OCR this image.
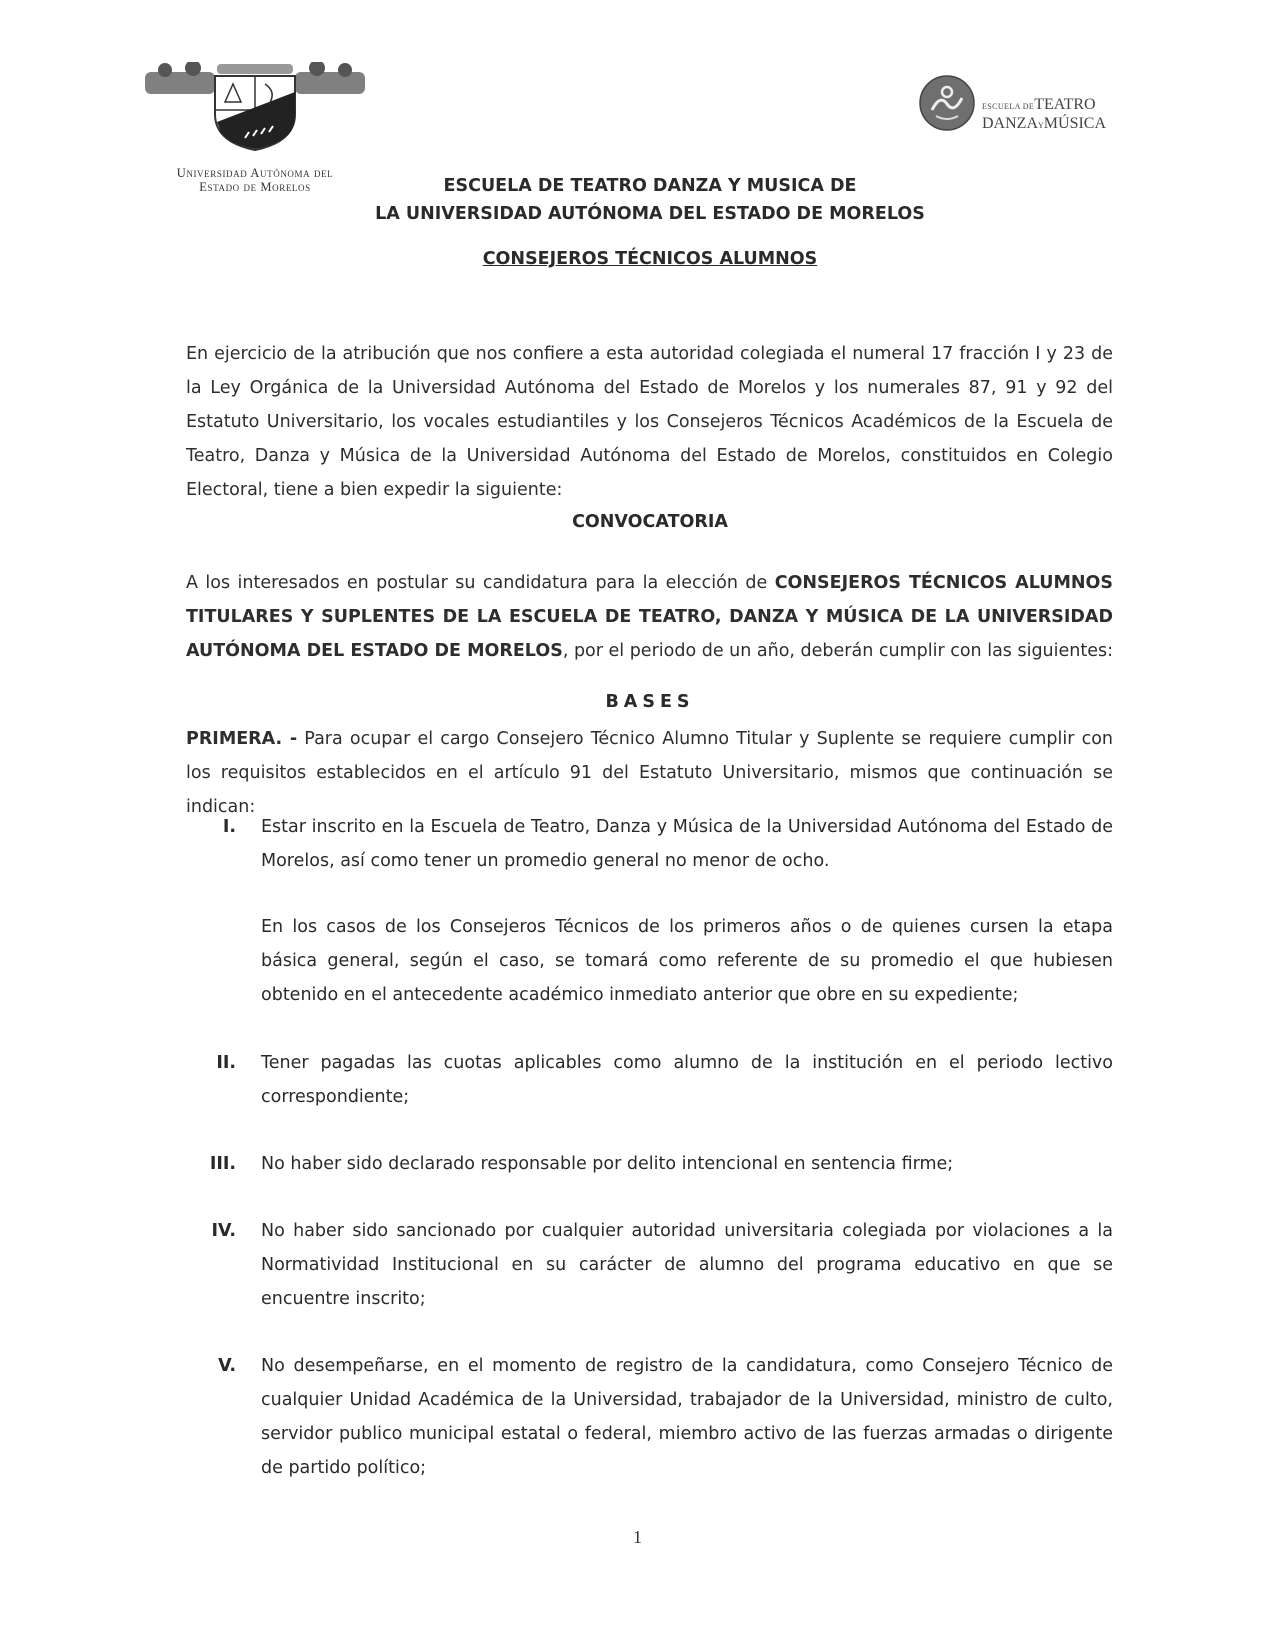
Universidad Autónoma del
Estado de Morelos
ESCUELA DETEATRO
DANZAYMÚSICA
ESCUELA DE TEATRO DANZA Y MUSICA DE
LA UNIVERSIDAD AUTÓNOMA DEL ESTADO DE MORELOS
CONSEJEROS TÉCNICOS ALUMNOS
En ejercicio de la atribución que nos confiere a esta autoridad colegiada el numeral 17 fracción I y 23 de la Ley Orgánica de la Universidad Autónoma del Estado de Morelos y los numerales 87, 91 y 92 del Estatuto Universitario, los vocales estudiantiles y los Consejeros Técnicos Académicos de la Escuela de Teatro, Danza y Música de la Universidad Autónoma del Estado de Morelos, constituidos en Colegio Electoral, tiene a bien expedir la siguiente:
CONVOCATORIA
A los interesados en postular su candidatura para la elección de CONSEJEROS TÉCNICOS ALUMNOS TITULARES Y SUPLENTES DE LA ESCUELA DE TEATRO, DANZA Y MÚSICA DE LA UNIVERSIDAD AUTÓNOMA DEL ESTADO DE MORELOS, por el periodo de un año, deberán cumplir con las siguientes:
BASES
PRIMERA. - Para ocupar el cargo Consejero Técnico Alumno Titular y Suplente se requiere cumplir con los requisitos establecidos en el artículo 91 del Estatuto Universitario, mismos que continuación se indican:
I. Estar inscrito en la Escuela de Teatro, Danza y Música de la Universidad Autónoma del Estado de Morelos, así como tener un promedio general no menor de ocho.
En los casos de los Consejeros Técnicos de los primeros años o de quienes cursen la etapa básica general, según el caso, se tomará como referente de su promedio el que hubiesen obtenido en el antecedente académico inmediato anterior que obre en su expediente;
II. Tener pagadas las cuotas aplicables como alumno de la institución en el periodo lectivo correspondiente;
III. No haber sido declarado responsable por delito intencional en sentencia firme;
IV. No haber sido sancionado por cualquier autoridad universitaria colegiada por violaciones a la Normatividad Institucional en su carácter de alumno del programa educativo en que se encuentre inscrito;
V. No desempeñarse, en el momento de registro de la candidatura, como Consejero Técnico de cualquier Unidad Académica de la Universidad, trabajador de la Universidad, ministro de culto, servidor publico municipal estatal o federal, miembro activo de las fuerzas armadas o dirigente de partido político;
1
